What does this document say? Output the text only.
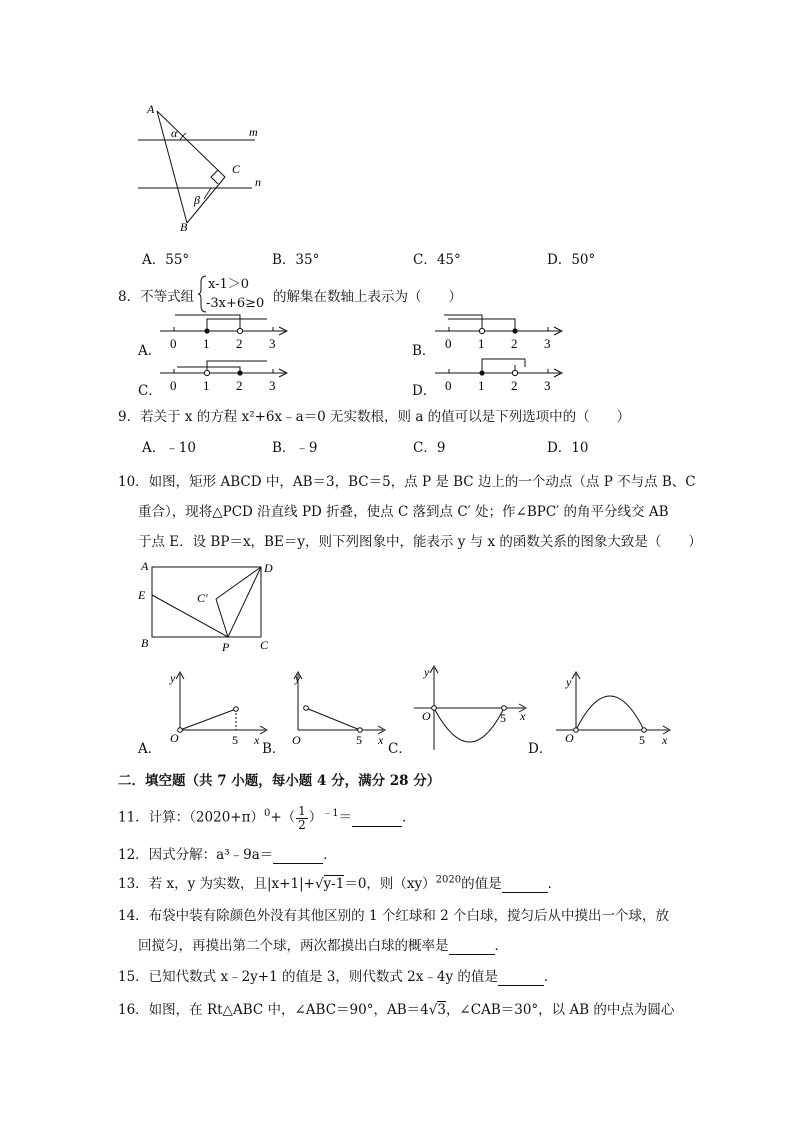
A
α	m
C
n
β
B
A．55°	B．35°	C．45°	D．50°
8．不等式组
x-1＞0
-3x+6≥0 的解集在数轴上表示为（　　）
A．	B．
C．	D．
0 1 2 3	0 1 2 3
0 1 2 3	0 1 2 3
9．若关于 x 的方程 x²+6x﹣a＝0 无实数根，则 a 的值可以是下列选项中的（　　）
A．﹣10	B．﹣9	C．9	D．10
10．如图，矩形 ABCD 中，AB＝3，BC＝5，点 P 是 BC 边上的一个动点（点 P 不与点 B、C
重合），现将△PCD 沿直线 PD 折叠，使点 C 落到点 C′ 处；作∠BPC′ 的角平分线交 AB
于点 E．设 BP＝x，BE＝y，则下列图象中，能表示 y 与 x 的函数关系的图象大致是（　　）
A	D
E	C′
B	P	C
A．
y
O	5 x
y
O	5 x
B．	C．
y
O	5 x
D．
y
O	5 x
二．填空题（共 7 小题，每小题 4 分，满分 28 分）
11．计算：$(2020+\pi)^0+( \frac{1}{2} )^{﹣1}=$	．
12．因式分解：a³﹣9a＝	．
13．若 x，y 为实数，且|x+1|+√y-1＝0，则（xy）$^{2020}$的值是	．
14．布袋中装有除颜色外没有其他区别的 1 个红球和 2 个白球，搅匀后从中摸出一个球，放
回搅匀，再摸出第二个球，两次都摸出白球的概率是	．
15．已知代数式 x﹣2y+1 的值是 3，则代数式 2x﹣4y 的值是	．
16．如图，在 Rt△ABC 中，∠ABC＝90°，AB＝4√3，∠CAB＝30°，以 AB 的中点为圆心
